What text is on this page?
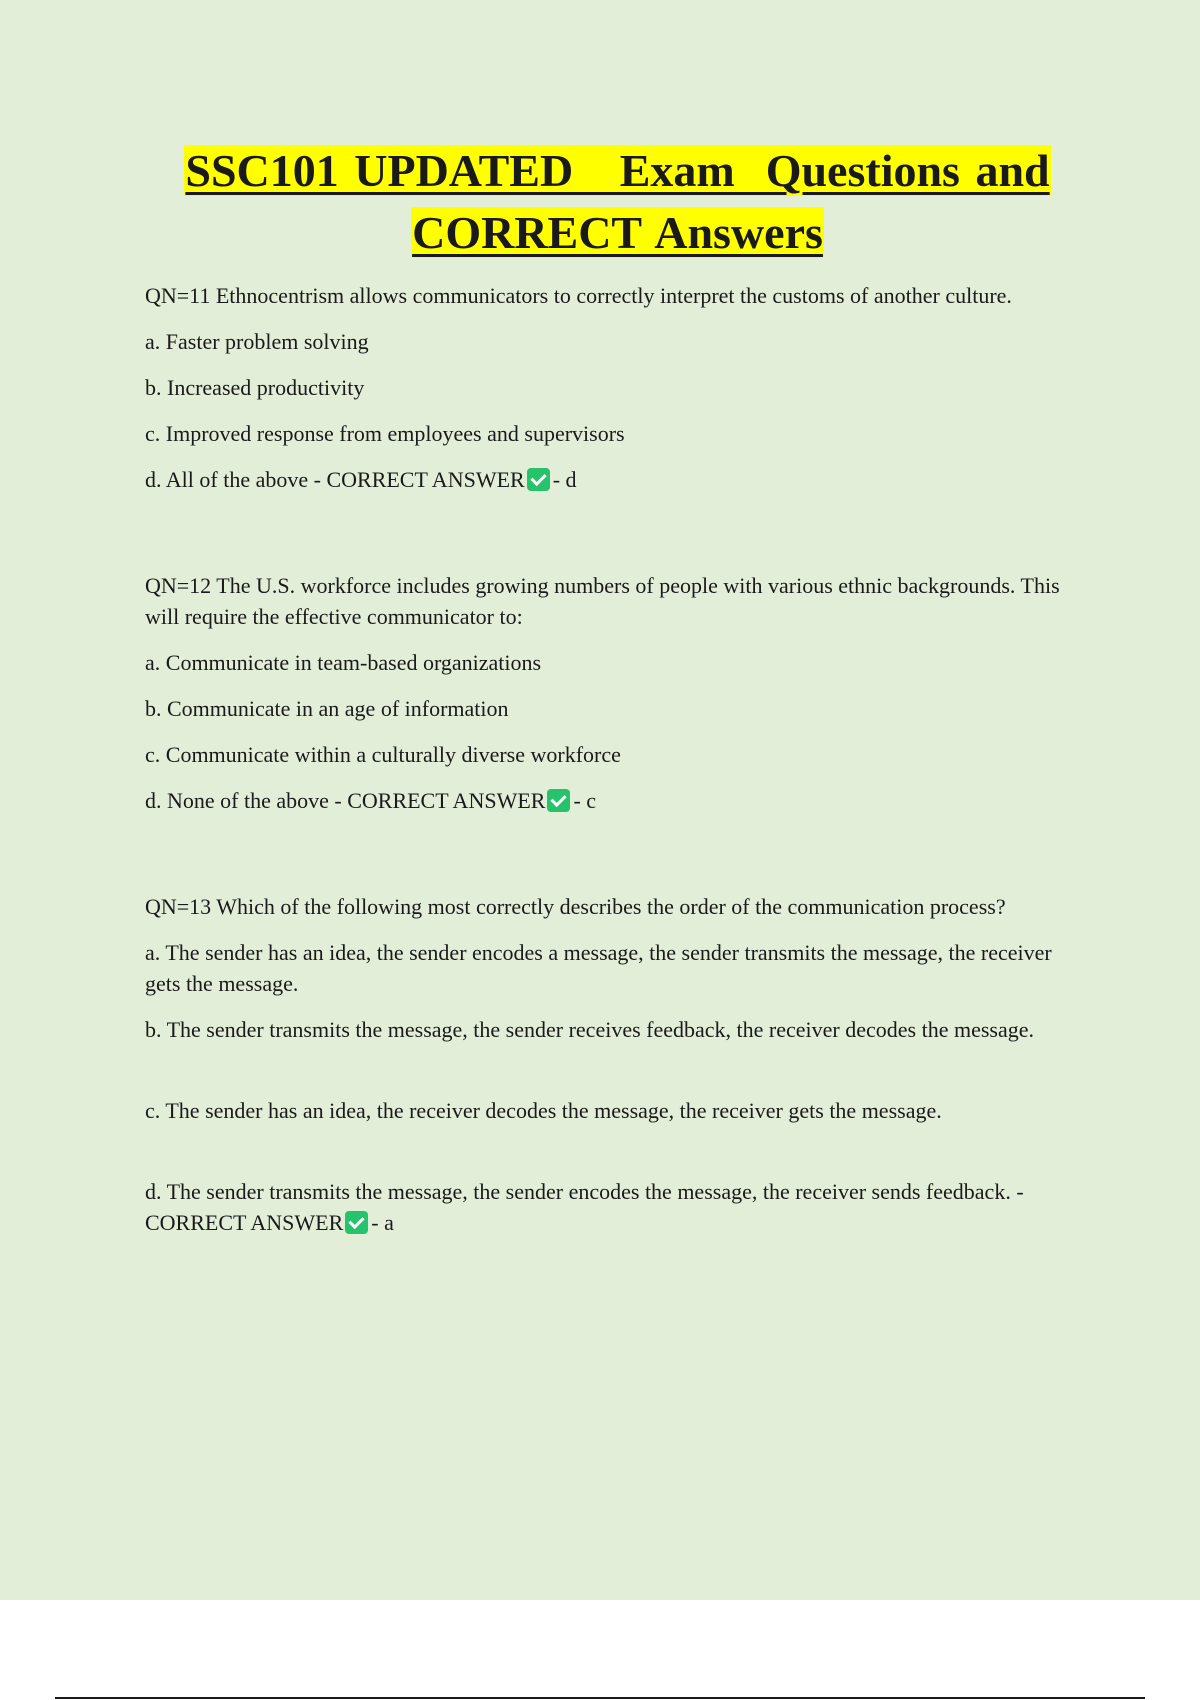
SSC101 UPDATED   Exam  Questions and
CORRECT Answers

QN=11 Ethnocentrism allows communicators to correctly interpret the customs of another culture.

a. Faster problem solving

b. Increased productivity

c. Improved response from employees and supervisors

d. All of the above - CORRECT ANSWER - d

QN=12 The U.S. workforce includes growing numbers of people with various ethnic backgrounds. This will require the effective communicator to:

a. Communicate in team-based organizations

b. Communicate in an age of information

c. Communicate within a culturally diverse workforce

d. None of the above - CORRECT ANSWER - c

QN=13 Which of the following most correctly describes the order of the communication process?

a. The sender has an idea, the sender encodes a message, the sender transmits the message, the receiver gets the message.

b. The sender transmits the message, the sender receives feedback, the receiver decodes the message.

c. The sender has an idea, the receiver decodes the message, the receiver gets the message.

d. The sender transmits the message, the sender encodes the message, the receiver sends feedback. - CORRECT ANSWER - a
